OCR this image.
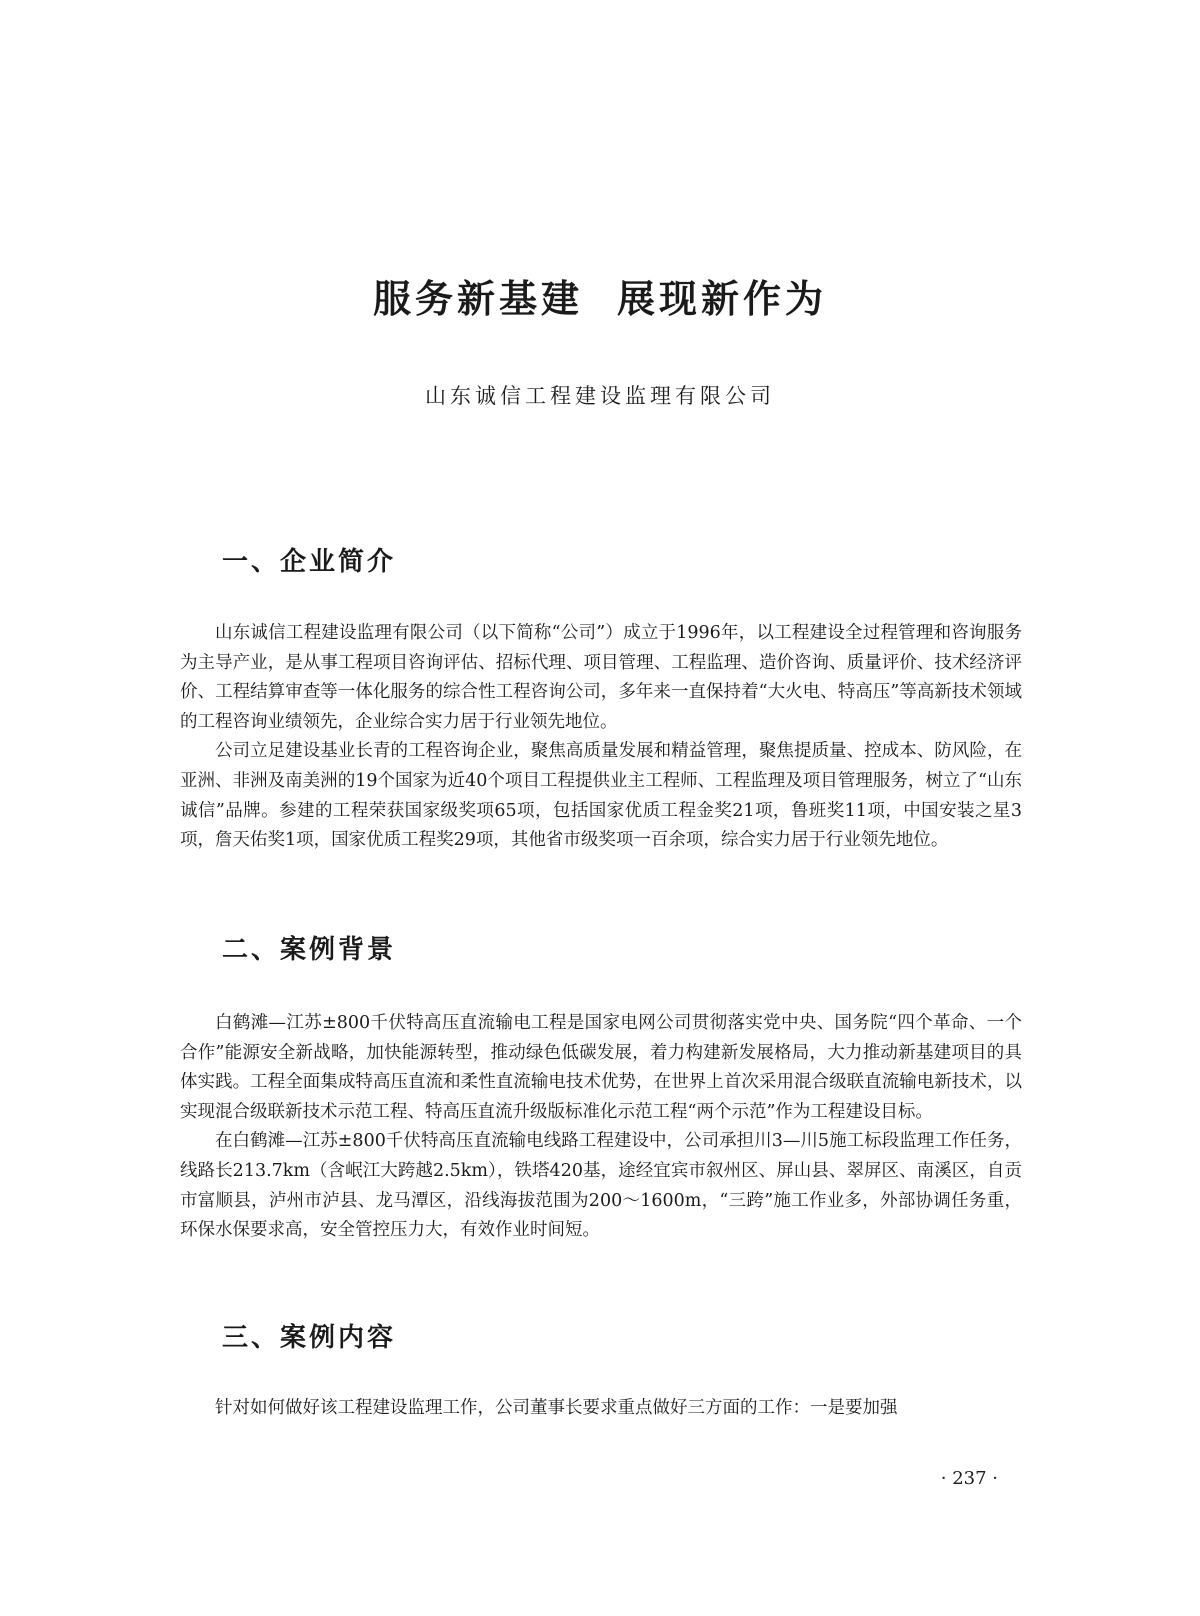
服务新基建 展现新作为
山东诚信工程建设监理有限公司
一、企业简介

山东诚信工程建设监理有限公司（以下简称“公司”）成立于1996年，以工程建设全过程管理和咨询服务为主导产业，是从事工程项目咨询评估、招标代理、项目管理、工程监理、造价咨询、质量评价、技术经济评价、工程结算审查等一体化服务的综合性工程咨询公司，多年来一直保持着“大火电、特高压”等高新技术领域的工程咨询业绩领先，企业综合实力居于行业领先地位。

公司立足建设基业长青的工程咨询企业，聚焦高质量发展和精益管理，聚焦提质量、控成本、防风险，在亚洲、非洲及南美洲的19个国家为近40个项目工程提供业主工程师、工程监理及项目管理服务，树立了“山东诚信”品牌。参建的工程荣获国家级奖项65项，包括国家优质工程金奖21项，鲁班奖11项，中国安装之星3项，詹天佑奖1项，国家优质工程奖29项，其他省市级奖项一百余项，综合实力居于行业领先地位。

二、案例背景

白鹤滩—江苏±800千伏特高压直流输电工程是国家电网公司贯彻落实党中央、国务院“四个革命、一个合作”能源安全新战略，加快能源转型，推动绿色低碳发展，着力构建新发展格局，大力推动新基建项目的具体实践。工程全面集成特高压直流和柔性直流输电技术优势，在世界上首次采用混合级联直流输电新技术，以实现混合级联新技术示范工程、特高压直流升级版标准化示范工程“两个示范”作为工程建设目标。

在白鹤滩—江苏±800千伏特高压直流输电线路工程建设中，公司承担川3—川5施工标段监理工作任务，线路长213.7km（含岷江大跨越2.5km），铁塔420基，途经宜宾市叙州区、屏山县、翠屏区、南溪区，自贡市富顺县，泸州市泸县、龙马潭区，沿线海拔范围为200～1600m，“三跨”施工作业多，外部协调任务重，环保水保要求高，安全管控压力大，有效作业时间短。

三、案例内容

针对如何做好该工程建设监理工作，公司董事长要求重点做好三方面的工作：一是要加强

· 237 ·
